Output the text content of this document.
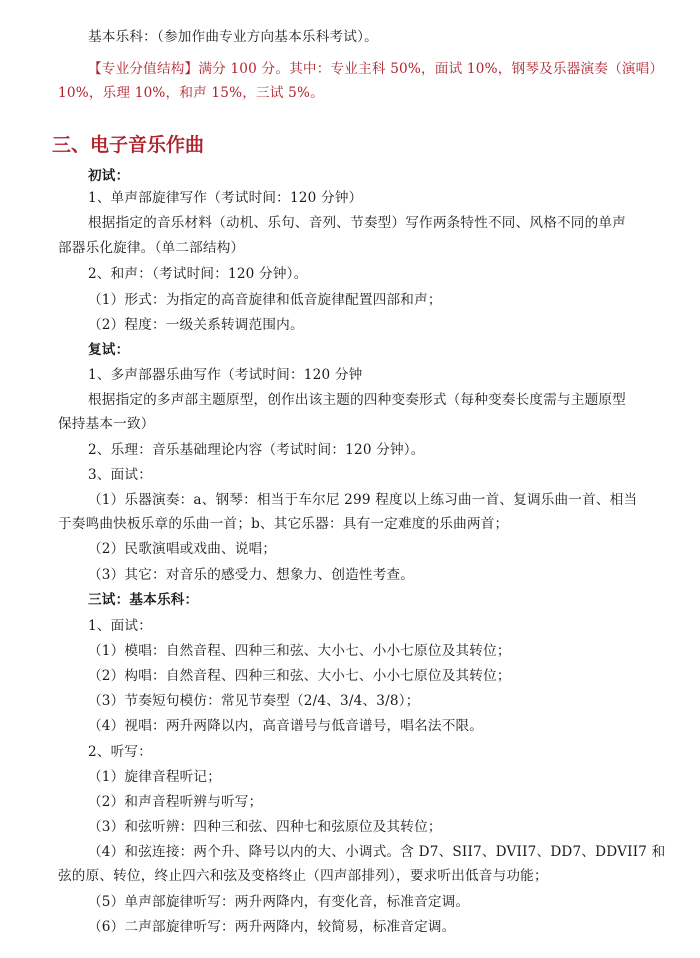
基本乐科：（参加作曲专业方向基本乐科考试）。
【专业分值结构】满分 100 分。其中：专业主科 50%，面试 10%，钢琴及乐器演奏（演唱）
10%，乐理 10%，和声 15%，三试 5%。
三、电子音乐作曲
初试：
1、单声部旋律写作（考试时间：120 分钟）
根据指定的音乐材料（动机、乐句、音列、节奏型）写作两条特性不同、风格不同的单声
部器乐化旋律。（单二部结构）
2、和声：（考试时间：120 分钟）。
（1）形式：为指定的高音旋律和低音旋律配置四部和声；
（2）程度：一级关系转调范围内。
复试：
1、多声部器乐曲写作（考试时间：120 分钟
根据指定的多声部主题原型，创作出该主题的四种变奏形式（每种变奏长度需与主题原型
保持基本一致）
2、乐理：音乐基础理论内容（考试时间：120 分钟）。
3、面试：
（1）乐器演奏：a、钢琴：相当于车尔尼 299 程度以上练习曲一首、复调乐曲一首、相当
于奏鸣曲快板乐章的乐曲一首；b、其它乐器：具有一定难度的乐曲两首；
（2）民歌演唱或戏曲、说唱；
（3）其它：对音乐的感受力、想象力、创造性考查。
三试：基本乐科：
1、面试：
（1）模唱：自然音程、四种三和弦、大小七、小小七原位及其转位；
（2）构唱：自然音程、四种三和弦、大小七、小小七原位及其转位；
（3）节奏短句模仿：常见节奏型（2/4、3/4、3/8）；
（4）视唱：两升两降以内，高音谱号与低音谱号，唱名法不限。
2、听写：
（1）旋律音程听记；
（2）和声音程听辨与听写；
（3）和弦听辨：四种三和弦、四种七和弦原位及其转位；
（4）和弦连接：两个升、降号以内的大、小调式。含 D7、SII7、DVII7、DD7、DDVII7 和
弦的原、转位，终止四六和弦及变格终止（四声部排列），要求听出低音与功能；
（5）单声部旋律听写：两升两降内，有变化音，标准音定调。
（6）二声部旋律听写：两升两降内，较简易，标准音定调。
